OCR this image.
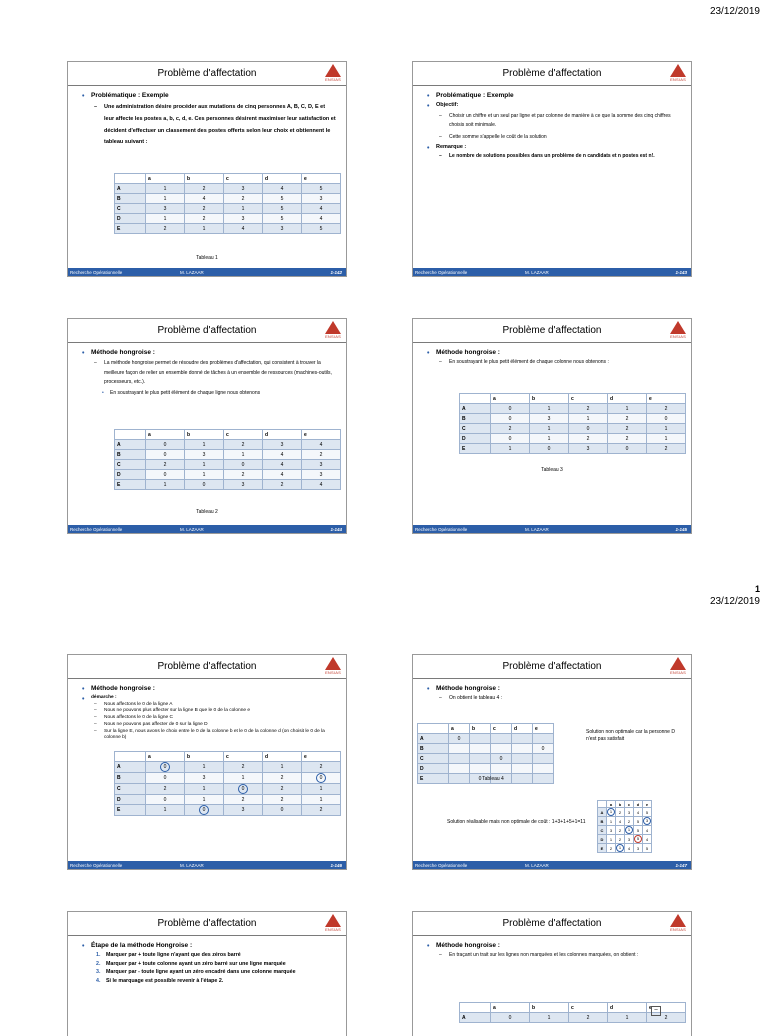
23/12/2019
1
23/12/2019
Problème d'affectation
ENSIAS
• Problématique : Exemple
– Une administration désire procéder aux mutations de cinq personnes A, B, C, D, E et leur affecte les postes a, b, c, d, e. Ces personnes désirent maximiser leur satisfaction et décident d'effectuer un classement des postes offerts selon leur choix et obtiennent le tableau suivant :
	a	b	c	d	e
A	1	2	3	4	5
B	1	4	2	5	3
C	3	2	1	5	4
D	1	2	3	5	4
E	2	1	4	3	5
Tableau 1
Recherche Opérationnelle	M. LAZAAR	1-142
Problème d'affectation
ENSIAS
• Problématique : Exemple
• Objectif:
– Choisir un chiffre et un seul par ligne et par colonne de manière à ce que la somme des cinq chiffres choisis soit minimale.
– Cette somme s'appelle le coût de la solution
• Remarque :
– Le nombre de solutions possibles dans un problème de n candidats et n postes est n!.
Recherche Opérationnelle	M. LAZAAR	1-143
Problème d'affectation
ENSIAS
• Méthode hongroise :
– La méthode hongroise permet de résoudre des problèmes d'affectation, qui consistent à trouver la meilleure façon de relier un ensemble donné de tâches à un ensemble de ressources (machines-outils, processeurs, etc.).
• En soustrayant le plus petit élément de chaque ligne nous obtenons
	a	b	c	d	e
A	0	1	2	3	4
B	0	3	1	4	2
C	2	1	0	4	3
D	0	1	2	4	3
E	1	0	3	2	4
Tableau 2
Recherche Opérationnelle	M. LAZAAR	1-144
Problème d'affectation
ENSIAS
• Méthode hongroise :
– En soustrayant le plus petit élément de chaque colonne nous obtenons :
	a	b	c	d	e
A	0	1	2	1	2
B	0	3	1	2	0
C	2	1	0	2	1
D	0	1	2	2	1
E	1	0	3	0	2
Tableau 3
Recherche Opérationnelle	M. LAZAAR	1-145
Problème d'affectation
ENSIAS
• Méthode hongroise :
• démarche :
– Nous affectons le 0 de la ligne A
– Nous ne pouvons plus affecter sur la ligne B que le 0 de la colonne e
– Nous affectons le 0 de la ligne C
– Nous ne pouvons pas affecter de 0 sur la ligne D
– Sur la ligne E, nous avons le choix entre le 0 de la colonne b et le 0 de la colonne d (on choisit le 0 de la colonne b)
	a	b	c	d	e
A	0	1	2	1	2
B	0	3	1	2	0
C	2	1	0	2	1
D	0	1	2	2	1
E	1	0	3	0	2
Recherche Opérationnelle	M. LAZAAR	1-146
Problème d'affectation
ENSIAS
• Méthode hongroise :
– On obtient le tableau 4 :
	a	b	c	d	e
A	0				
B					0
C			0		
D					
E		0			Tableau 4
Solution non optimale car la personne D n'est pas satisfait
Solution réalisable mais non optimale de coût : 1+3+1+5+1=11
	a	b	c	d	e
A	1	2	3	4	5
B	1	4	2	5	3
C	3	2	1	5	4
D	1	2	3	5	4
E	2	1	4	3	5
Recherche Opérationnelle	M. LAZAAR	1-147
Problème d'affectation
ENSIAS
• Étape de la méthode Hongroise :
1. Marquer par + toute ligne n'ayant que des zéros barré
2. Marquer par + toute colonne ayant un zéro barré sur une ligne marquée
3. Marquer par - toute ligne ayant un zéro encadré dans une colonne marquée
4. Si le marquage est possible revenir à l'étape 2.
Problème d'affectation
ENSIAS
• Méthode hongroise :
– En traçant un trait sur les lignes non marquées et les colonnes marquées, on obtient :
	a	b	c	d	e
A	0	1	2	1	2
–
